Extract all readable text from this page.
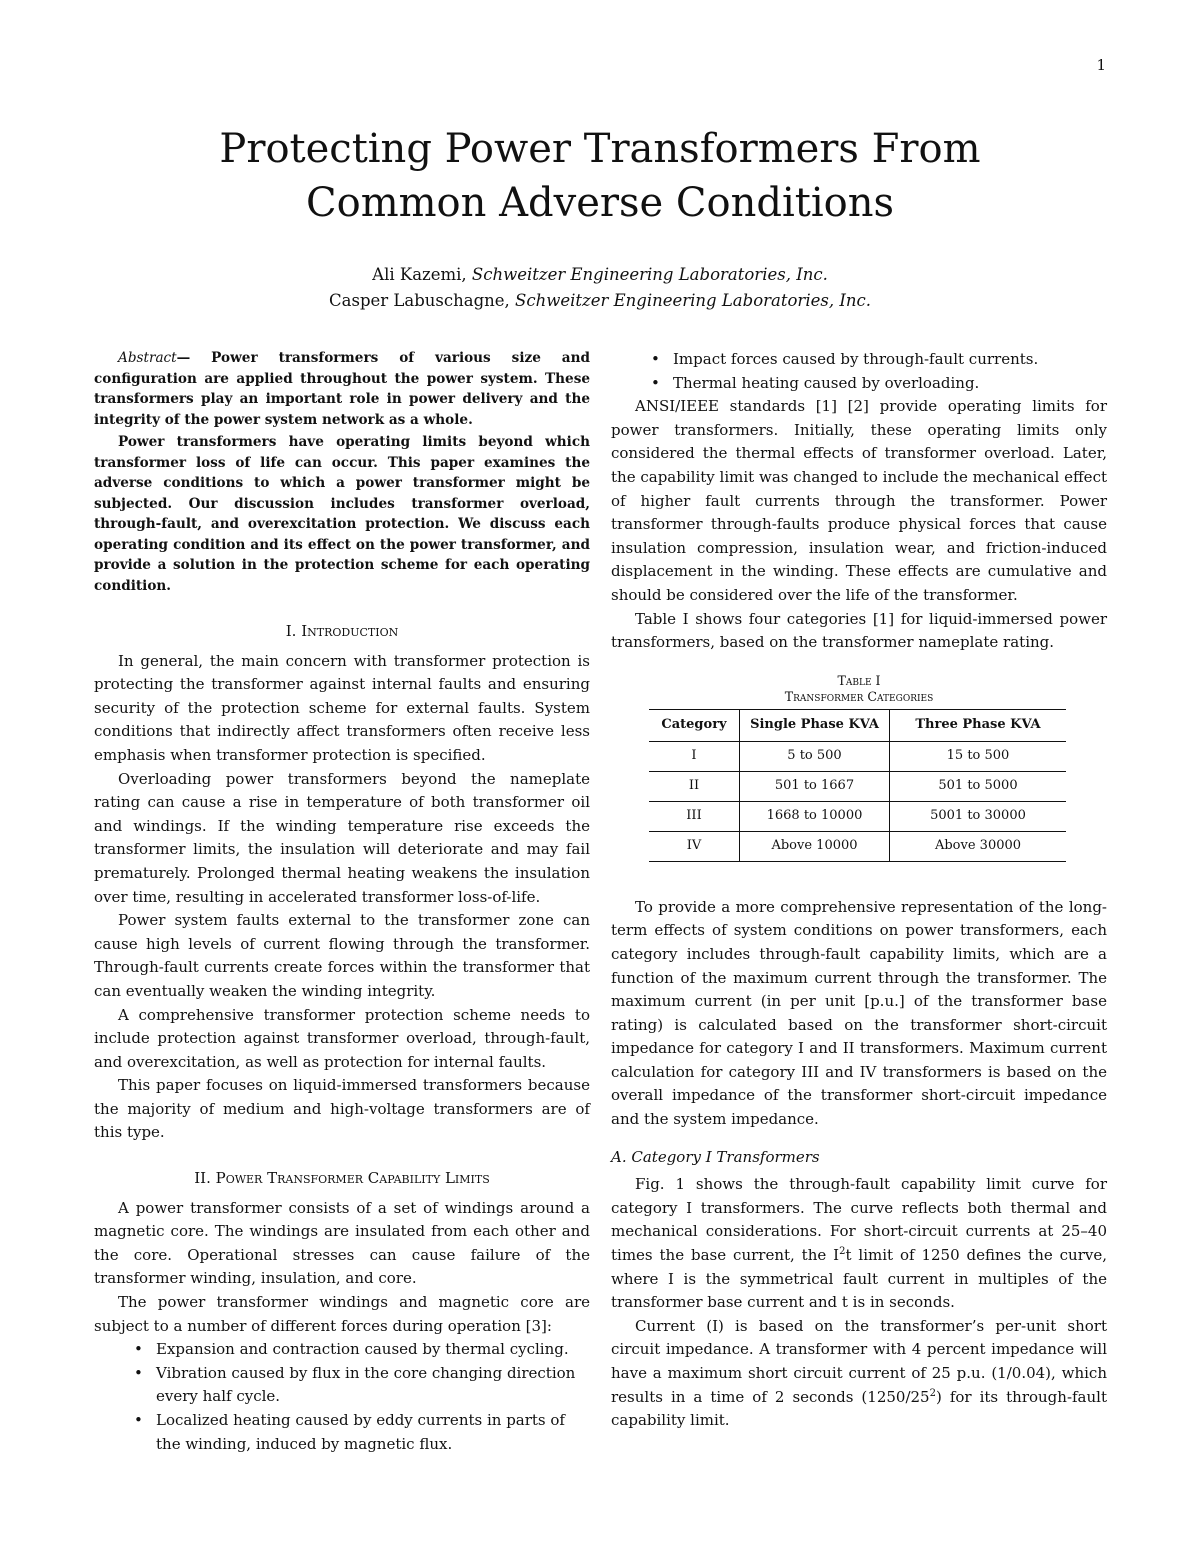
1
Protecting Power Transformers From
Common Adverse Conditions
Ali Kazemi, Schweitzer Engineering Laboratories, Inc.
Casper Labuschagne, Schweitzer Engineering Laboratories, Inc.

Abstract— Power transformers of various size and configuration are applied throughout the power system. These transformers play an important role in power delivery and the integrity of the power system network as a whole.

Power transformers have operating limits beyond which transformer loss of life can occur. This paper examines the adverse conditions to which a power transformer might be subjected. Our discussion includes transformer overload, through-fault, and overexcitation protection. We discuss each operating condition and its effect on the power transformer, and provide a solution in the protection scheme for each operating condition.

I. Introduction

In general, the main concern with transformer protection is protecting the transformer against internal faults and ensuring security of the protection scheme for external faults. System conditions that indirectly affect transformers often receive less emphasis when transformer protection is specified.

Overloading power transformers beyond the nameplate rating can cause a rise in temperature of both transformer oil and windings. If the winding temperature rise exceeds the transformer limits, the insulation will deteriorate and may fail prematurely. Prolonged thermal heating weakens the insulation over time, resulting in accelerated transformer loss-of-life.

Power system faults external to the transformer zone can cause high levels of current flowing through the transformer. Through-fault currents create forces within the transformer that can eventually weaken the winding integrity.

A comprehensive transformer protection scheme needs to include protection against transformer overload, through-fault, and overexcitation, as well as protection for internal faults.

This paper focuses on liquid-immersed transformers because the majority of medium and high-voltage transformers are of this type.

II. Power Transformer Capability Limits

A power transformer consists of a set of windings around a magnetic core. The windings are insulated from each other and the core. Operational stresses can cause failure of the transformer winding, insulation, and core.

The power transformer windings and magnetic core are subject to a number of different forces during operation [3]:

• Expansion and contraction caused by thermal cycling.
• Vibration caused by flux in the core changing direction every half cycle.
• Localized heating caused by eddy currents in parts of the winding, induced by magnetic flux.
• Impact forces caused by through-fault currents.
• Thermal heating caused by overloading.

ANSI/IEEE standards [1] [2] provide operating limits for power transformers. Initially, these operating limits only considered the thermal effects of transformer overload. Later, the capability limit was changed to include the mechanical effect of higher fault currents through the transformer. Power transformer through-faults produce physical forces that cause insulation compression, insulation wear, and friction-induced displacement in the winding. These effects are cumulative and should be considered over the life of the transformer.

Table I shows four categories [1] for liquid-immersed power transformers, based on the transformer nameplate rating.

Table I
Transformer Categories
Category	Single Phase KVA	Three Phase KVA
I	5 to 500	15 to 500
II	501 to 1667	501 to 5000
III	1668 to 10000	5001 to 30000
IV	Above 10000	Above 30000

To provide a more comprehensive representation of the long-term effects of system conditions on power transformers, each category includes through-fault capability limits, which are a function of the maximum current through the transformer. The maximum current (in per unit [p.u.] of the transformer base rating) is calculated based on the transformer short-circuit impedance for category I and II transformers. Maximum current calculation for category III and IV transformers is based on the overall impedance of the transformer short-circuit impedance and the system impedance.

A. Category I Transformers

Fig. 1 shows the through-fault capability limit curve for category I transformers. The curve reflects both thermal and mechanical considerations. For short-circuit currents at 25–40 times the base current, the $I^2t$ limit of 1250 defines the curve, where I is the symmetrical fault current in multiples of the transformer base current and t is in seconds.

Current (I) is based on the transformer’s per-unit short circuit impedance. A transformer with 4 percent impedance will have a maximum short circuit current of 25 p.u. (1/0.04), which results in a time of 2 seconds $(1250/25^2)$ for its through-fault capability limit.
